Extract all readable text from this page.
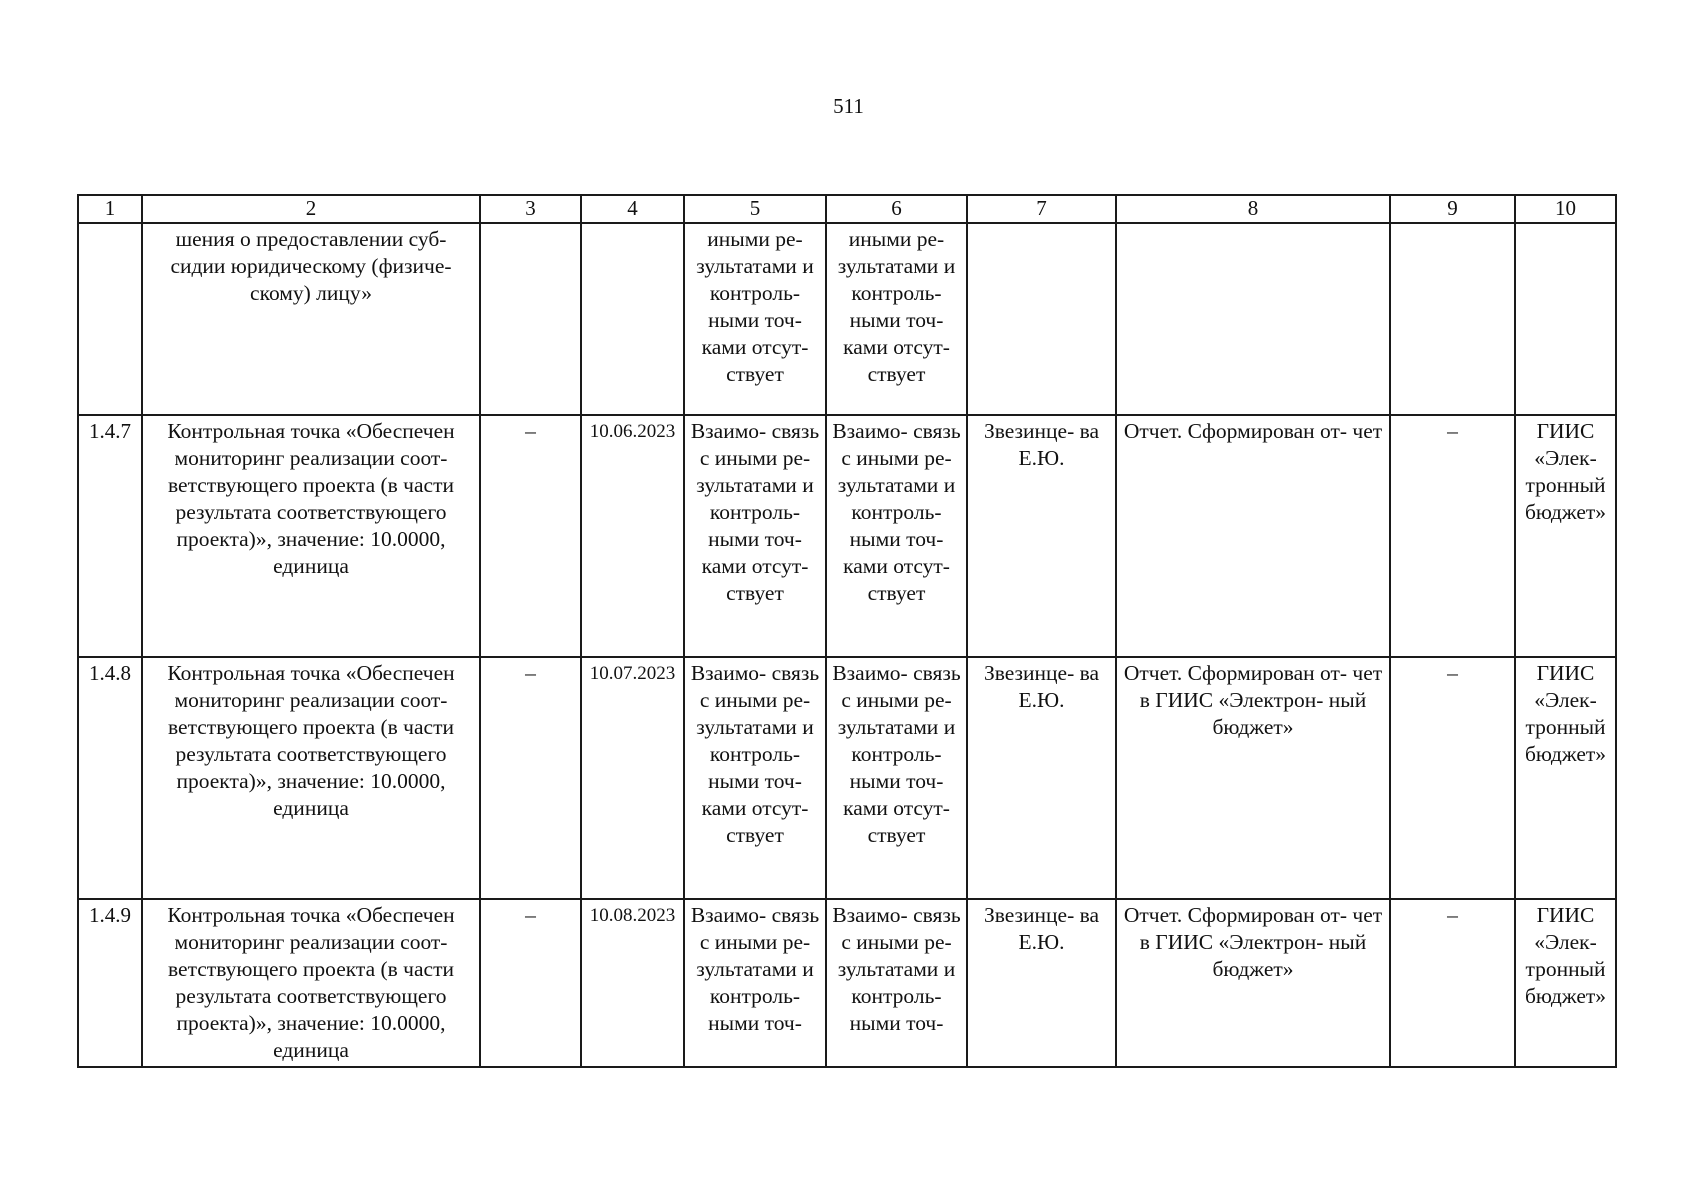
511
1	2	3	4	5	6	7	8	9	10
	шения о предоставлении суб- сидии юридическому (физиче- скому) лицу»			иными ре- зультатами и контроль- ными точ- ками отсут- ствует	иными ре- зультатами и контроль- ными точ- ками отсут- ствует				
1.4.7	Контрольная точка «Обеспечен мониторинг реализации соот- ветствующего проекта (в части результата соответствующего проекта)», значение: 10.0000, единица	–	10.06.2023	Взаимо- связь с иными ре- зультатами и контроль- ными точ- ками отсут- ствует	Взаимо- связь с иными ре- зультатами и контроль- ными точ- ками отсут- ствует	Звезинце- ва Е.Ю.	Отчет. Сформирован от- чет	–	ГИИС «Элек- тронный бюджет»
1.4.8	Контрольная точка «Обеспечен мониторинг реализации соот- ветствующего проекта (в части результата соответствующего проекта)», значение: 10.0000, единица	–	10.07.2023	Взаимо- связь с иными ре- зультатами и контроль- ными точ- ками отсут- ствует	Взаимо- связь с иными ре- зультатами и контроль- ными точ- ками отсут- ствует	Звезинце- ва Е.Ю.	Отчет. Сформирован от- чет в ГИИС «Электрон- ный бюджет»	–	ГИИС «Элек- тронный бюджет»
1.4.9	Контрольная точка «Обеспечен мониторинг реализации соот- ветствующего проекта (в части результата соответствующего проекта)», значение: 10.0000, единица	–	10.08.2023	Взаимо- связь с иными ре- зультатами и контроль- ными точ-	Взаимо- связь с иными ре- зультатами и контроль- ными точ-	Звезинце- ва Е.Ю.	Отчет. Сформирован от- чет в ГИИС «Электрон- ный бюджет»	–	ГИИС «Элек- тронный бюджет»
